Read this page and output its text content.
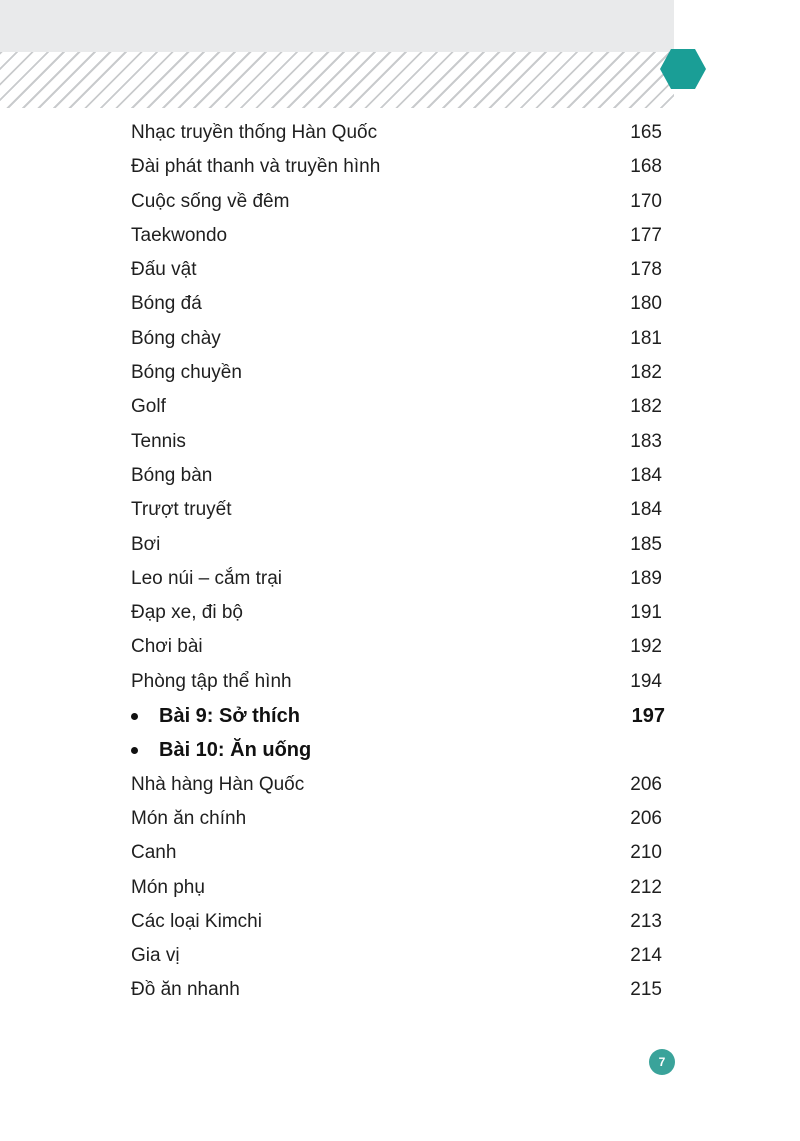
Nhạc truyền thống Hàn Quốc	165
Đài phát thanh và truyền hình	168
Cuộc sống về đêm	170
Taekwondo	177
Đấu vật	178
Bóng đá	180
Bóng chày	181
Bóng chuyền	182
Golf	182
Tennis	183
Bóng bàn	184
Trượt truyết	184
Bơi	185
Leo núi – cắm trại	189
Đạp xe, đi bộ	191
Chơi bài	192
Phòng tập thể hình	194
Bài 9: Sở thích	197
Bài 10: Ăn uống
Nhà hàng Hàn Quốc	206
Món ăn chính	206
Canh	210
Món phụ	212
Các loại Kimchi	213
Gia vị	214
Đồ ăn nhanh	215
7
